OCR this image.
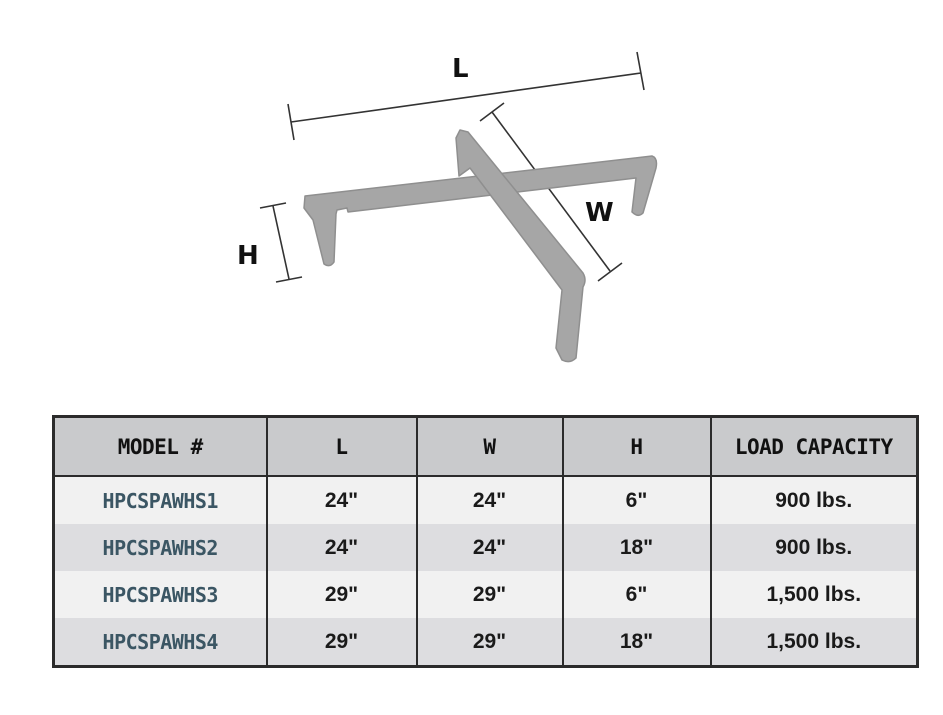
L
W
H
MODEL #	L	W	H	LOAD CAPACITY
HPCSPAWHS1	24"	24"	6"	900 lbs.
HPCSPAWHS2	24"	24"	18"	900 lbs.
HPCSPAWHS3	29"	29"	6"	1,500 lbs.
HPCSPAWHS4	29"	29"	18"	1,500 lbs.
